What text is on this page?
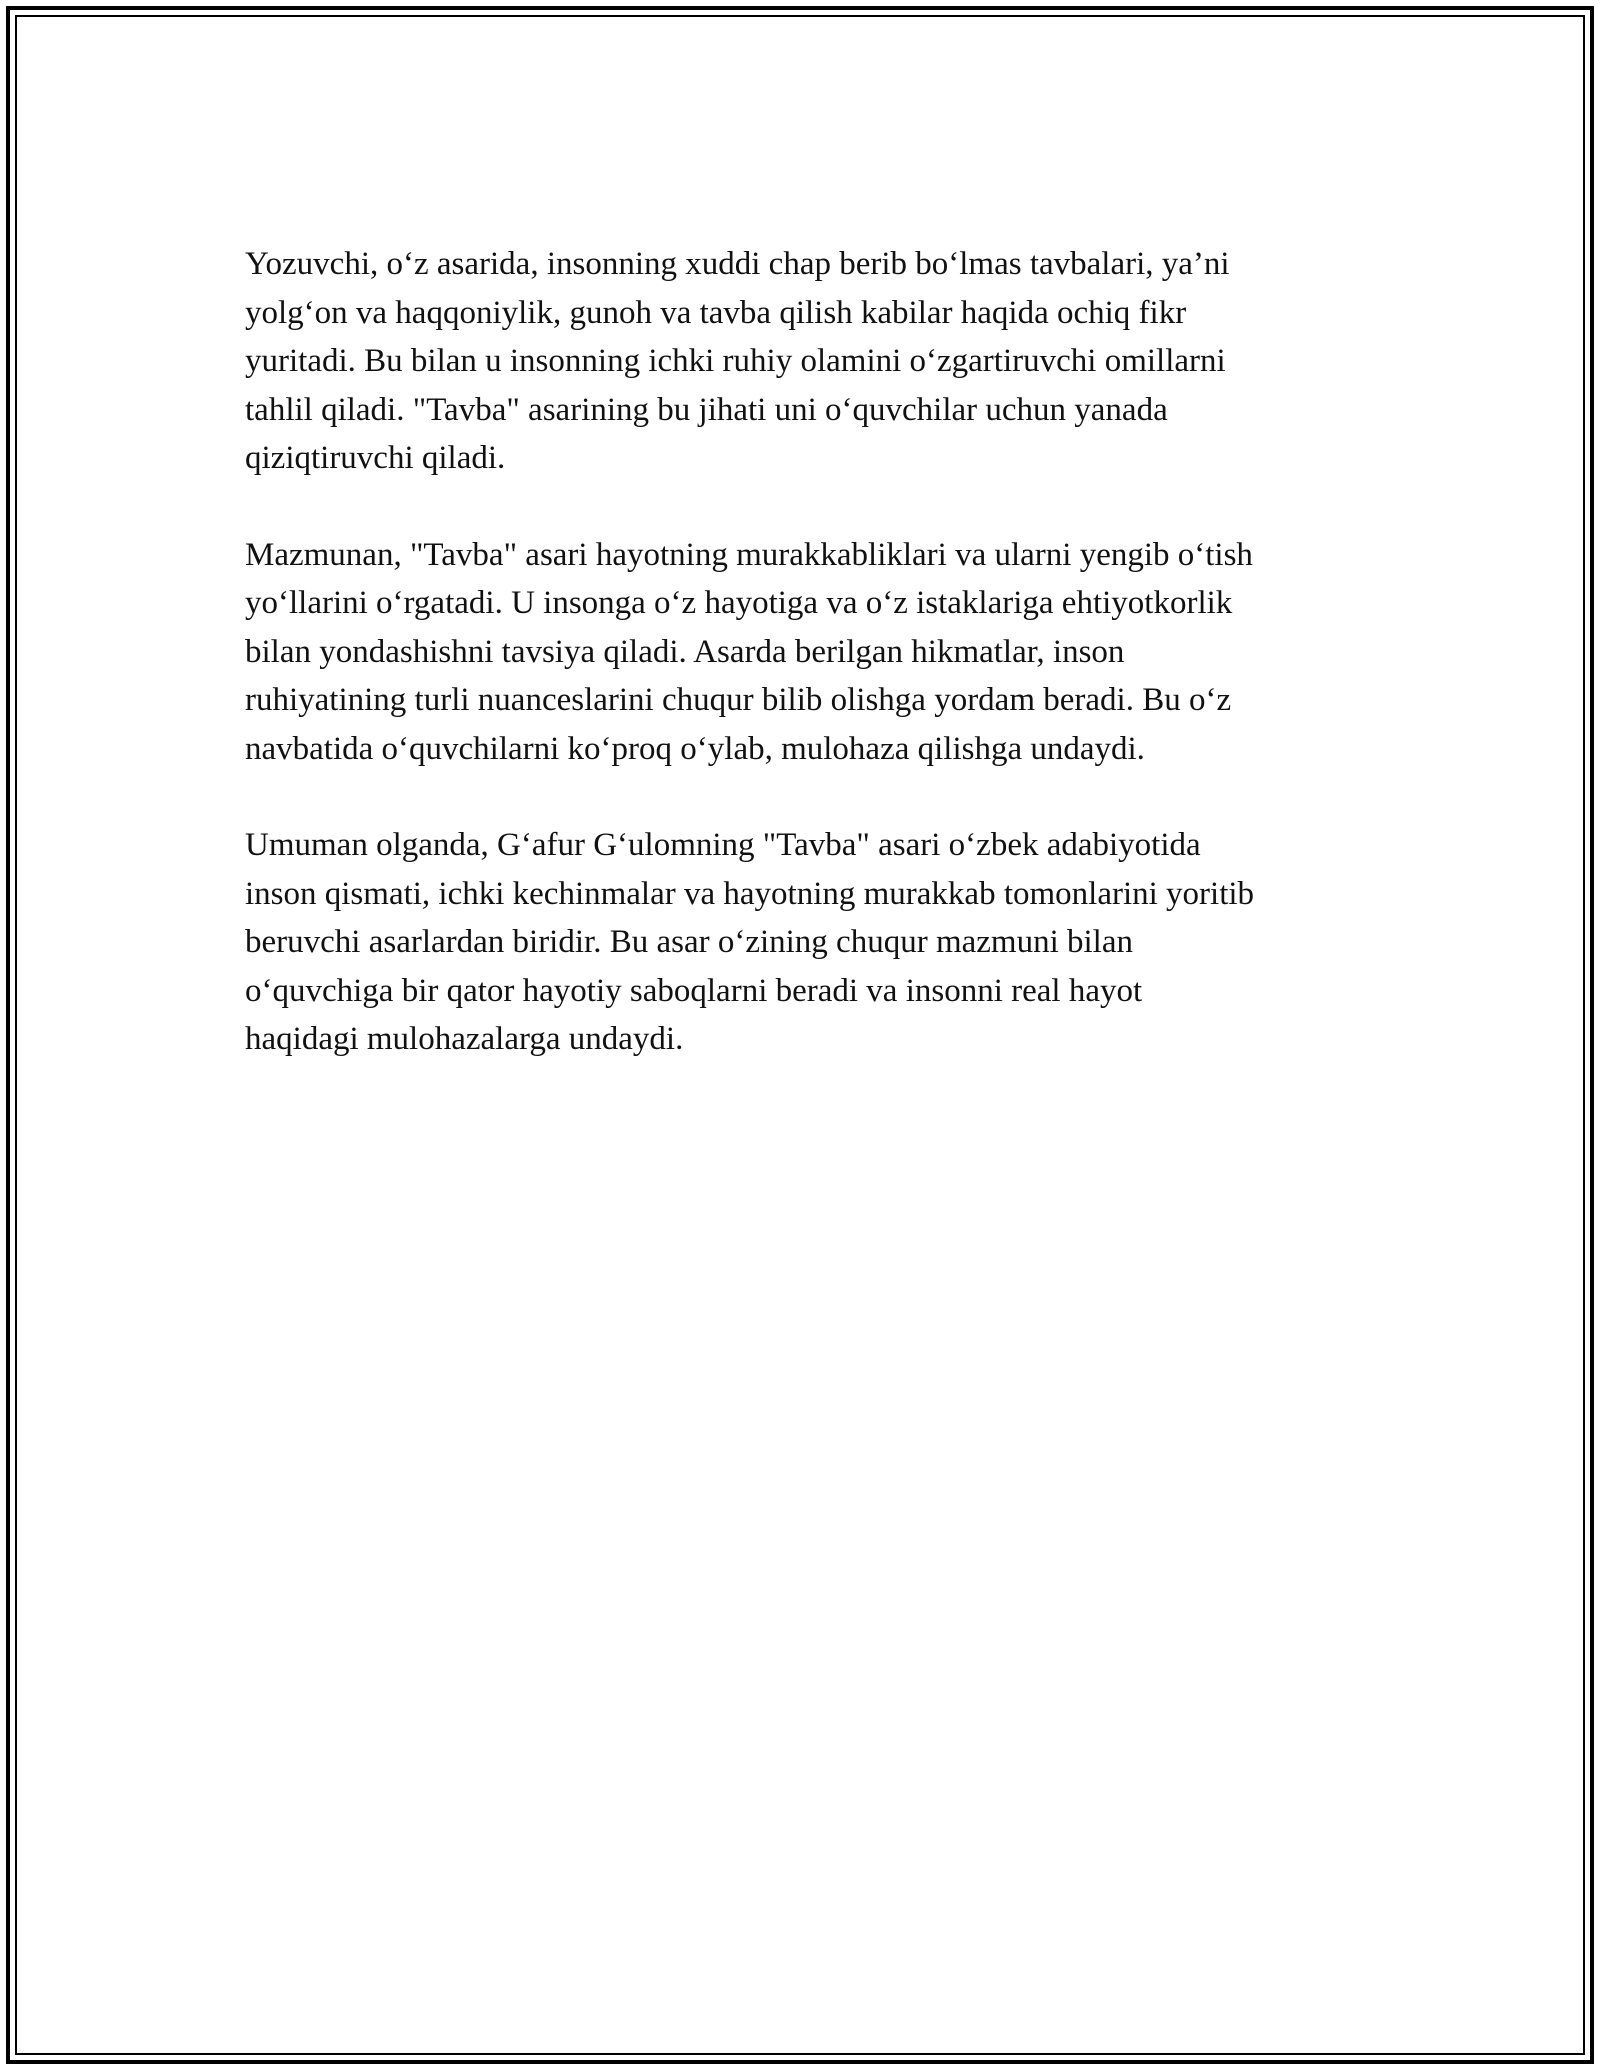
Yozuvchi, o‘z asarida, insonning xuddi chap berib bo‘lmas tavbalari, ya’ni
yolg‘on va haqqoniylik, gunoh va tavba qilish kabilar haqida ochiq fikr
yuritadi. Bu bilan u insonning ichki ruhiy olamini o‘zgartiruvchi omillarni
tahlil qiladi. "Tavba" asarining bu jihati uni o‘quvchilar uchun yanada
qiziqtiruvchi qiladi.

Mazmunan, "Tavba" asari hayotning murakkabliklari va ularni yengib o‘tish
yo‘llarini o‘rgatadi. U insonga o‘z hayotiga va o‘z istaklariga ehtiyotkorlik
bilan yondashishni tavsiya qiladi. Asarda berilgan hikmatlar, inson
ruhiyatining turli nuanceslarini chuqur bilib olishga yordam beradi. Bu o‘z
navbatida o‘quvchilarni ko‘proq o‘ylab, mulohaza qilishga undaydi.

Umuman olganda, G‘afur G‘ulomning "Tavba" asari o‘zbek adabiyotida
inson qismati, ichki kechinmalar va hayotning murakkab tomonlarini yoritib
beruvchi asarlardan biridir. Bu asar o‘zining chuqur mazmuni bilan
o‘quvchiga bir qator hayotiy saboqlarni beradi va insonni real hayot
haqidagi mulohazalarga undaydi.
